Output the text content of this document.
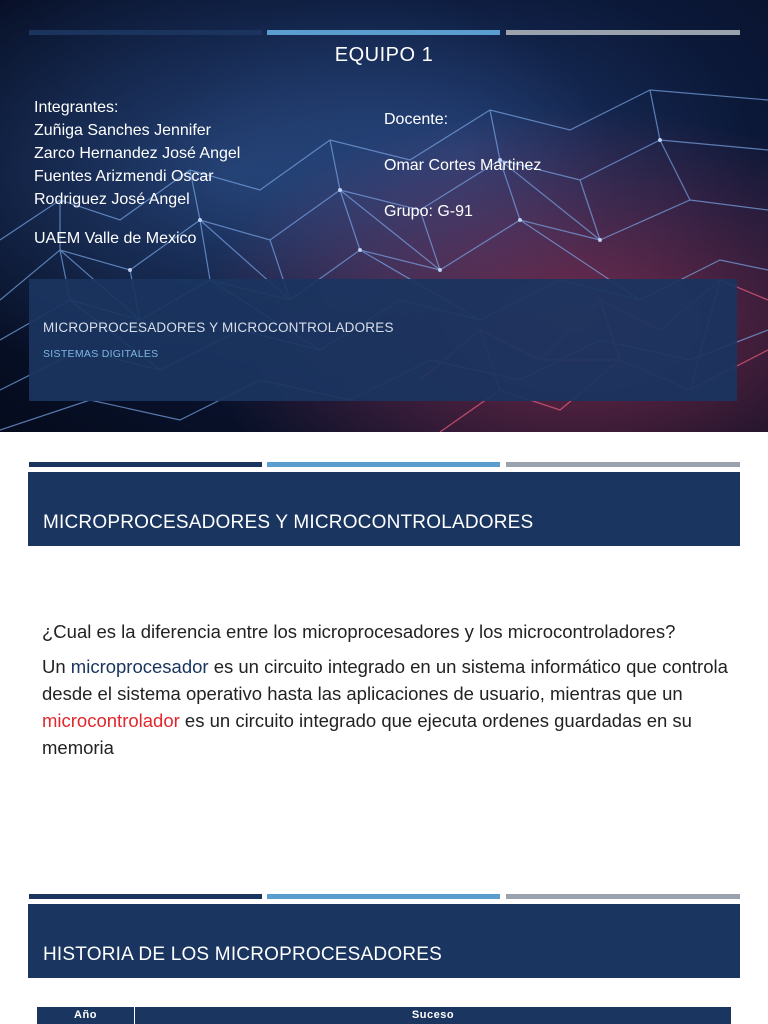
EQUIPO 1
Integrantes:
Zuñiga Sanches Jennifer
Zarco Hernandez José Angel
Fuentes Arizmendi Oscar
Rodriguez José Angel
UAEM Valle de Mexico
Docente:
Omar Cortes Martinez
Grupo: G-91
MICROPROCESADORES Y MICROCONTROLADORES
SISTEMAS DIGITALES
MICROPROCESADORES Y MICROCONTROLADORES

¿Cual es la diferencia entre los microprocesadores y los microcontroladores?

Un microprocesador es un circuito integrado en un sistema informático que controla desde el sistema operativo hasta las aplicaciones de usuario, mientras que un microcontrolador es un circuito integrado que ejecuta ordenes guardadas en su memoria

HISTORIA DE LOS MICROPROCESADORES
Año	Suceso
